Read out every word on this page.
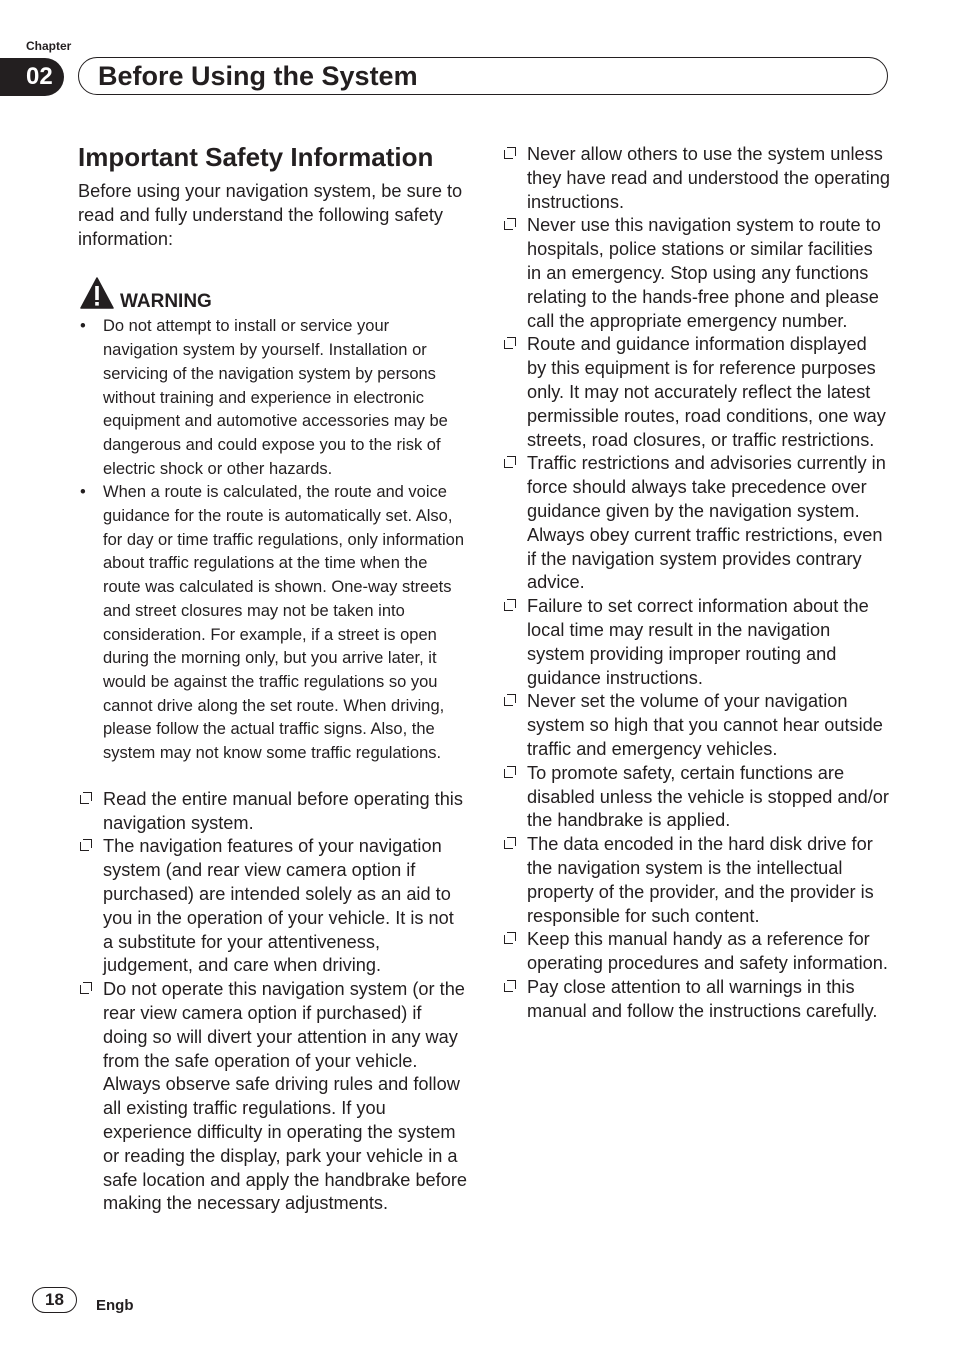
Chapter
02	Before Using the System
Important Safety Information

Before using your navigation system, be sure to read and fully understand the following safety information:

WARNING
• Do not attempt to install or service your navigation system by yourself. Installation or servicing of the navigation system by persons without training and experience in electronic equipment and automotive accessories may be dangerous and could expose you to the risk of electric shock or other hazards.
• When a route is calculated, the route and voice guidance for the route is automatically set. Also, for day or time traffic regulations, only information about traffic regulations at the time when the route was calculated is shown. One-way streets and street closures may not be taken into consideration. For example, if a street is open during the morning only, but you arrive later, it would be against the traffic regulations so you cannot drive along the set route. When driving, please follow the actual traffic signs. Also, the system may not know some traffic regulations.
Read the entire manual before operating this navigation system.
The navigation features of your navigation system (and rear view camera option if purchased) are intended solely as an aid to you in the operation of your vehicle. It is not a substitute for your attentiveness, judgement, and care when driving.
Do not operate this navigation system (or the rear view camera option if purchased) if doing so will divert your attention in any way from the safe operation of your vehicle. Always observe safe driving rules and follow all existing traffic regulations. If you experience difficulty in operating the system or reading the display, park your vehicle in a safe location and apply the handbrake before making the necessary adjustments.
Never allow others to use the system unless they have read and understood the operating instructions.
Never use this navigation system to route to hospitals, police stations or similar facilities in an emergency. Stop using any functions relating to the hands-free phone and please call the appropriate emergency number.
Route and guidance information displayed by this equipment is for reference purposes only. It may not accurately reflect the latest permissible routes, road conditions, one way streets, road closures, or traffic restrictions.
Traffic restrictions and advisories currently in force should always take precedence over guidance given by the navigation system. Always obey current traffic restrictions, even if the navigation system provides contrary advice.
Failure to set correct information about the local time may result in the navigation system providing improper routing and guidance instructions.
Never set the volume of your navigation system so high that you cannot hear outside traffic and emergency vehicles.
To promote safety, certain functions are disabled unless the vehicle is stopped and/or the handbrake is applied.
The data encoded in the hard disk drive for the navigation system is the intellectual property of the provider, and the provider is responsible for such content.
Keep this manual handy as a reference for operating procedures and safety information.
Pay close attention to all warnings in this manual and follow the instructions carefully.
18	Engb
